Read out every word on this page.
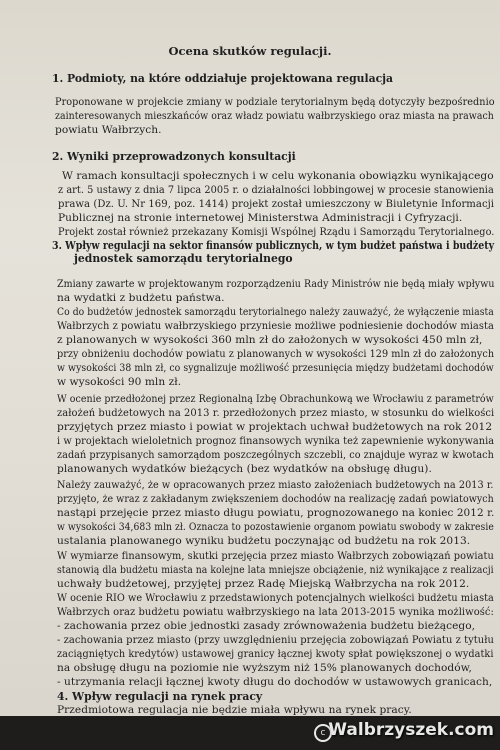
Ocena skutków regulacji.
1. Podmioty, na które oddziałuje projektowana regulacja
Proponowane w projekcie zmiany w podziale terytorialnym będą dotyczyły bezpośrednio
zainteresowanych mieszkańców oraz władz powiatu wałbrzyskiego oraz miasta na prawach
powiatu Wałbrzych.
2. Wyniki przeprowadzonych konsultacji
W ramach konsultacji społecznych i w celu wykonania obowiązku wynikającego
z art. 5 ustawy z dnia 7 lipca 2005 r. o działalności lobbingowej w procesie stanowienia
prawa (Dz. U. Nr 169, poz. 1414) projekt został umieszczony w Biuletynie Informacji
Publicznej na stronie internetowej Ministerstwa Administracji i Cyfryzacji.
Projekt został również przekazany Komisji Wspólnej Rządu i Samorządu Terytorialnego.
3. Wpływ regulacji na sektor finansów publicznych, w tym budżet państwa i budżety
jednostek samorządu terytorialnego
Zmiany zawarte w projektowanym rozporządzeniu Rady Ministrów nie będą miały wpływu
na wydatki z budżetu państwa.
Co do budżetów jednostek samorządu terytorialnego należy zauważyć, że wyłączenie miasta
Wałbrzych z powiatu wałbrzyskiego przyniesie możliwe podniesienie dochodów miasta
z planowanych w wysokości 360 mln zł do założonych w wysokości 450 mln zł,
przy obniżeniu dochodów powiatu z planowanych w wysokości 129 mln zł do założonych
w wysokości 38 mln zł, co sygnalizuje możliwość przesunięcia między budżetami dochodów
w wysokości 90 mln zł.
W ocenie przedłożonej przez Regionalną Izbę Obrachunkową we Wrocławiu z parametrów
założeń budżetowych na 2013 r. przedłożonych przez miasto, w stosunku do wielkości
przyjętych przez miasto i powiat w projektach uchwał budżetowych na rok 2012
i w projektach wieloletnich prognoz finansowych wynika też zapewnienie wykonywania
zadań przypisanych samorządom poszczególnych szczebli, co znajduje wyraz w kwotach
planowanych wydatków bieżących (bez wydatków na obsługę długu).
Należy zauważyć, że w opracowanych przez miasto założeniach budżetowych na 2013 r.
przyjęto, że wraz z zakładanym zwiększeniem dochodów na realizację zadań powiatowych
nastąpi przejęcie przez miasto długu powiatu, prognozowanego na koniec 2012 r.
w wysokości 34,683 mln zł. Oznacza to pozostawienie organom powiatu swobody w zakresie
ustalania planowanego wyniku budżetu poczynając od budżetu na rok 2013.
W wymiarze finansowym, skutki przejęcia przez miasto Wałbrzych zobowiązań powiatu
stanowią dla budżetu miasta na kolejne lata mniejsze obciążenie, niż wynikające z realizacji
uchwały budżetowej, przyjętej przez Radę Miejską Wałbrzycha na rok 2012.
W ocenie RIO we Wrocławiu z przedstawionych potencjalnych wielkości budżetu miasta
Wałbrzych oraz budżetu powiatu wałbrzyskiego na lata 2013-2015 wynika możliwość:
- zachowania przez obie jednostki zasady zrównoważenia budżetu bieżącego,
- zachowania przez miasto (przy uwzględnieniu przejęcia zobowiązań Powiatu z tytułu
zaciągniętych kredytów) ustawowej granicy łącznej kwoty spłat powiększonej o wydatki
na obsługę długu na poziomie nie wyższym niż 15% planowanych dochodów,
- utrzymania relacji łącznej kwoty długu do dochodów w ustawowych granicach,
4. Wpływ regulacji na rynek pracy
Przedmiotowa regulacja nie będzie miała wpływu na rynek pracy.
c Walbrzyszek.com
